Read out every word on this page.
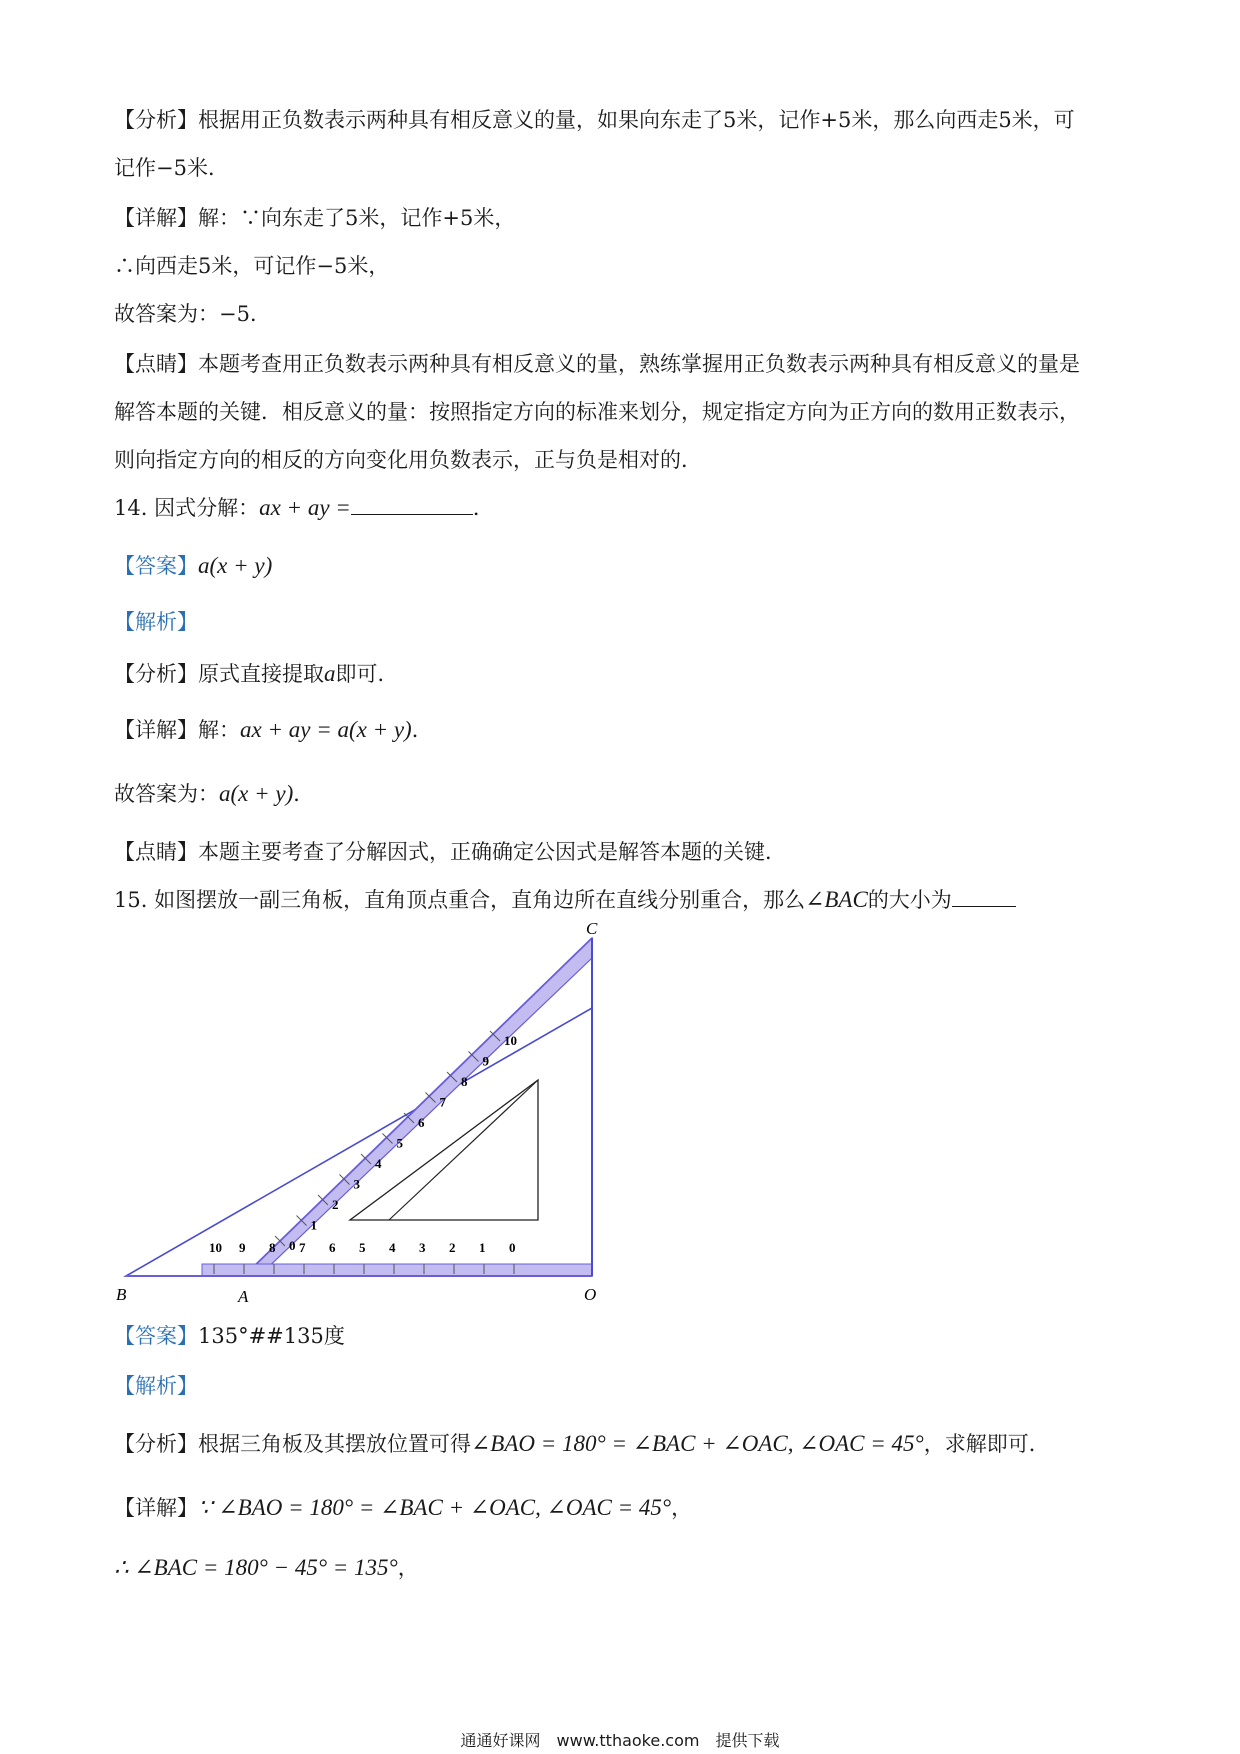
【分析】根据用正负数表示两种具有相反意义的量，如果向东走了5米，记作+5米，那么向西走5米，可
记作−5米．
【详解】解：∵向东走了5米，记作+5米，
∴向西走5米，可记作−5米，
故答案为：−5．
【点睛】本题考查用正负数表示两种具有相反意义的量，熟练掌握用正负数表示两种具有相反意义的量是
解答本题的关键．相反意义的量：按照指定方向的标准来划分，规定指定方向为正方向的数用正数表示，
则向指定方向的相反的方向变化用负数表示，正与负是相对的．
14. 因式分解：ax + ay =	．
【答案】a(x + y)
【解析】
【分析】原式直接提取a即可．
【详解】解：ax + ay = a(x + y)．
故答案为：a(x + y)．
【点睛】本题主要考查了分解因式，正确确定公因式是解答本题的关键．
15. 如图摆放一副三角板，直角顶点重合，直角边所在直线分别重合，那么∠BAC的大小为
10 9 8 7 6 5 4 3 2 1 0
0
1
2
3
4
5
6
7
8
9
10
B	A	O
C
【答案】135°##135度
【解析】
【分析】根据三角板及其摆放位置可得∠BAO = 180° = ∠BAC + ∠OAC, ∠OAC = 45°，求解即可．
【详解】∵ ∠BAO = 180° = ∠BAC + ∠OAC, ∠OAC = 45°，
∴ ∠BAC = 180° − 45° = 135°，
通通好课网　www.tthaoke.com　提供下载
